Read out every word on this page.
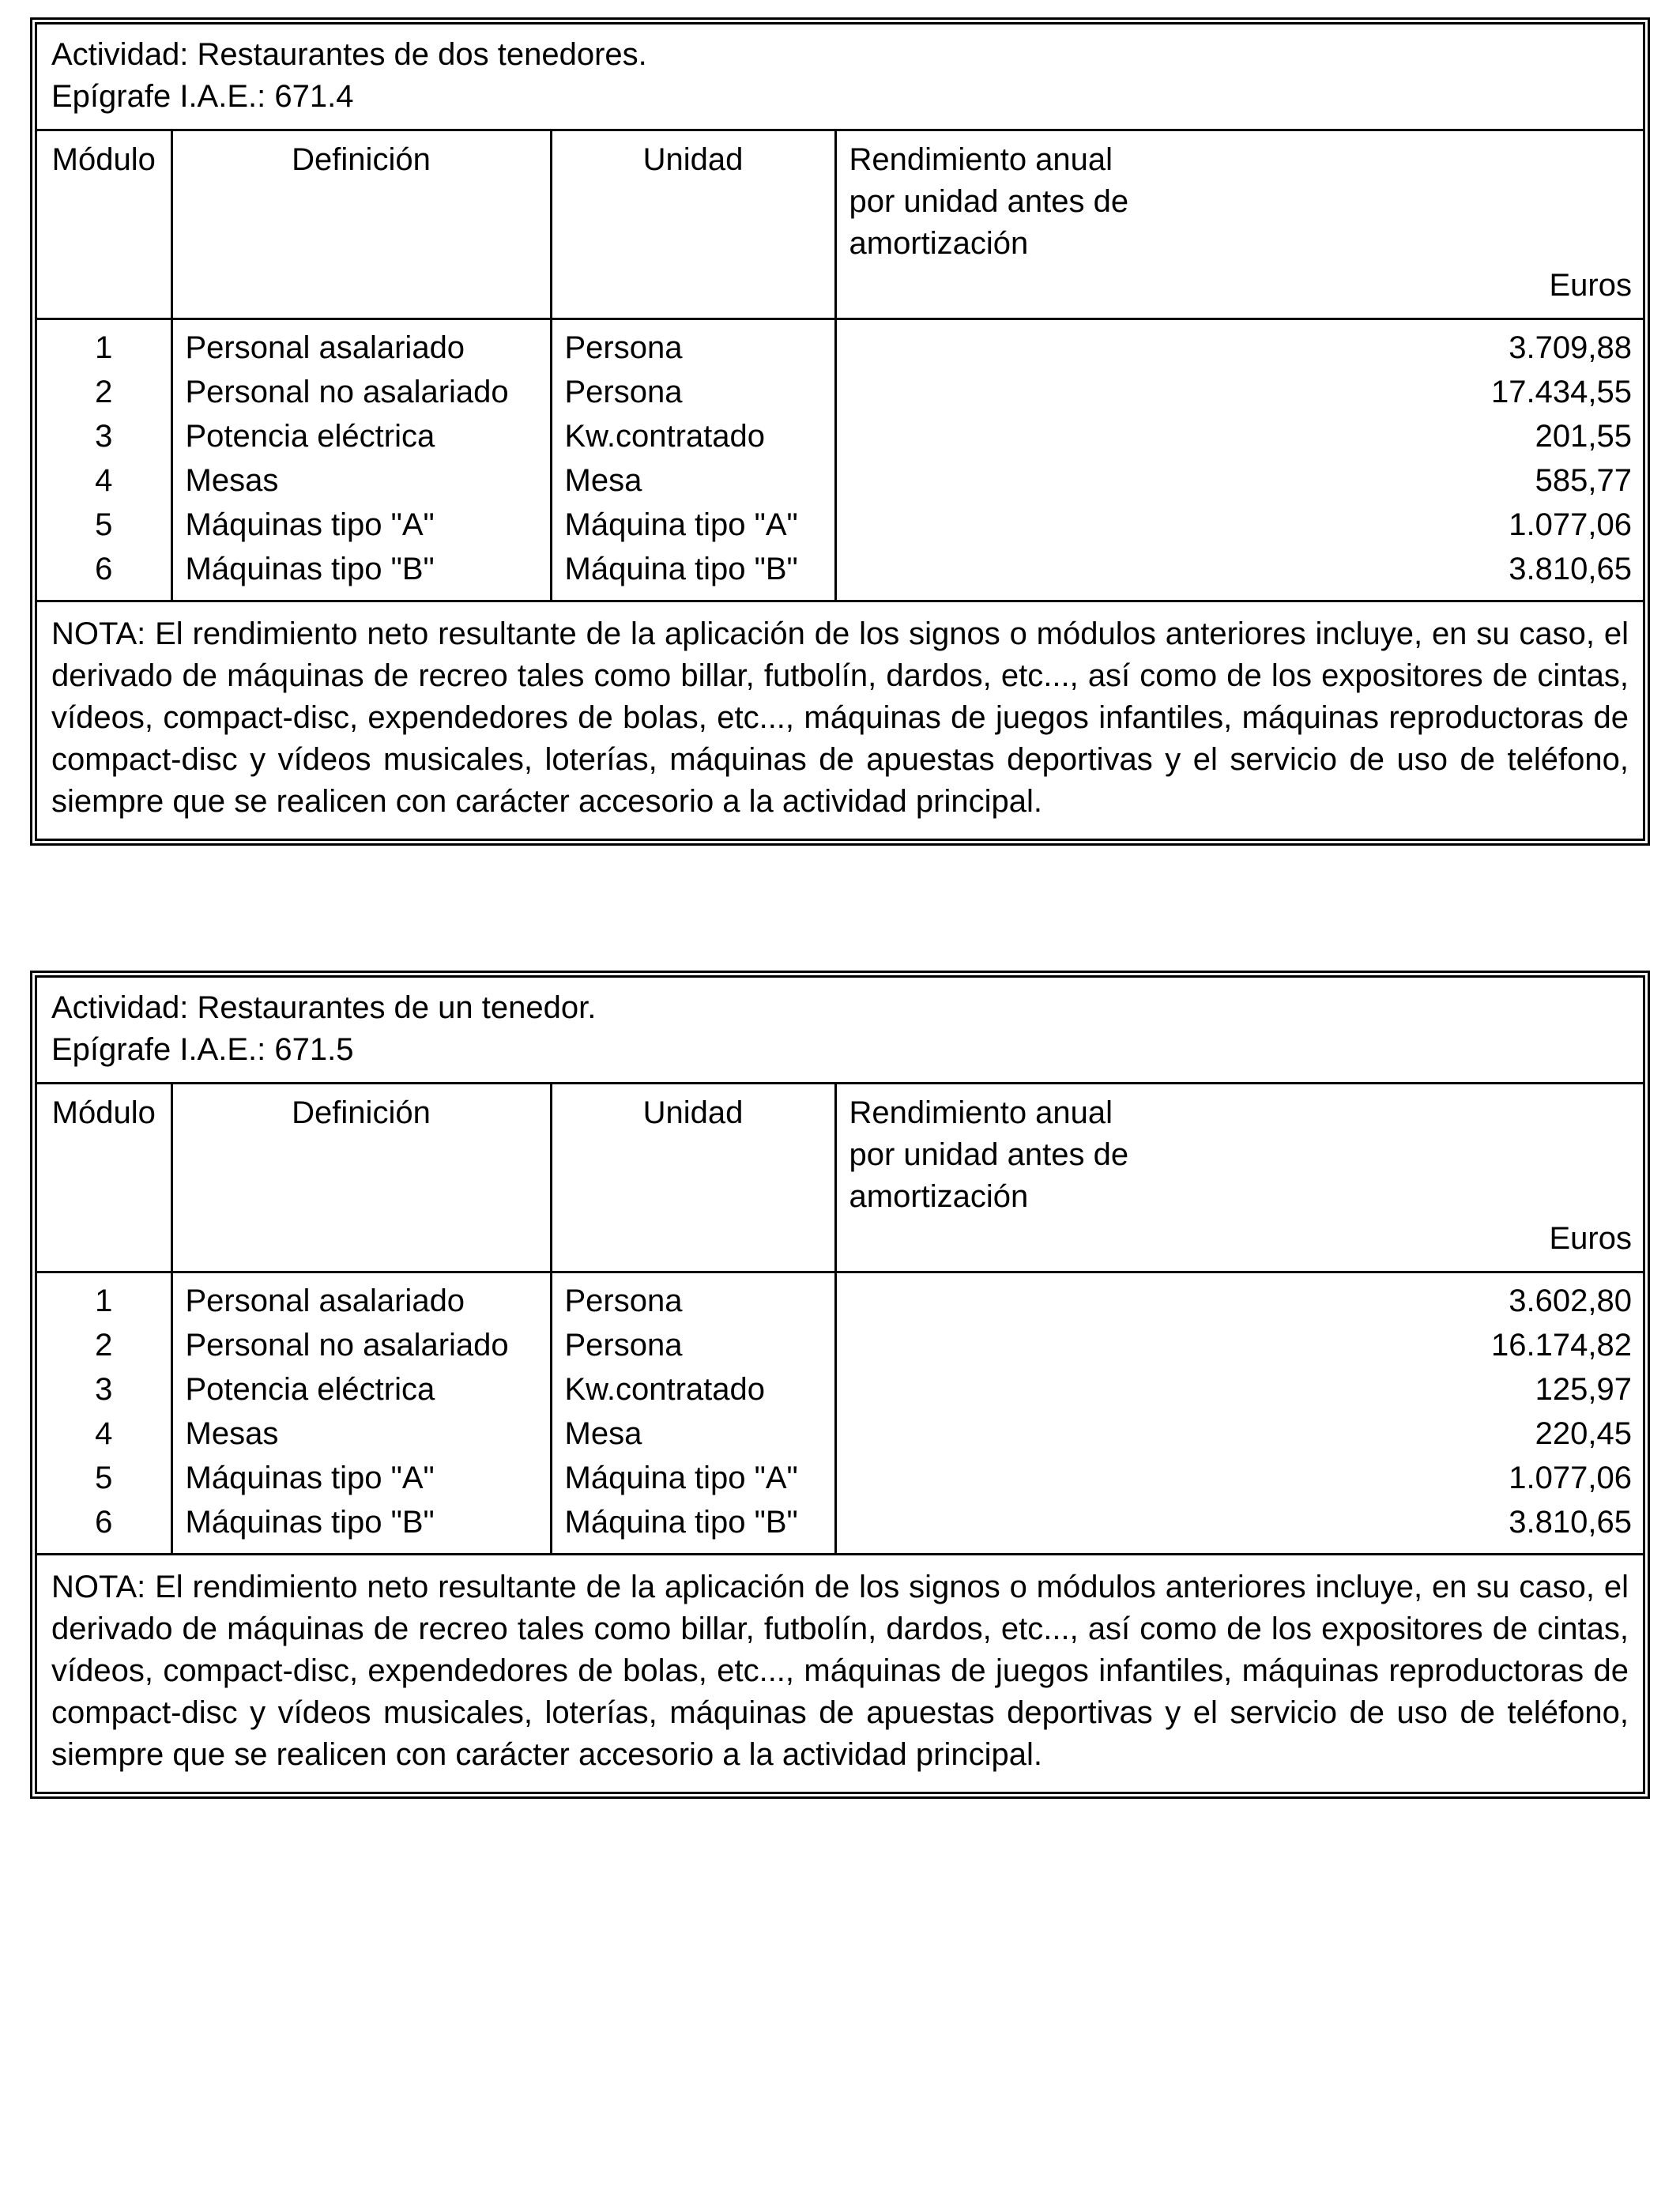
Actividad: Restaurantes de dos tenedores.
Epígrafe I.A.E.: 671.4
Módulo	Definición	Unidad	Rendimiento anual
por unidad antes de
amortización
Euros

1	Personal asalariado	Persona	3.709,88
2	Personal no asalariado	Persona	17.434,55
3	Potencia eléctrica	Kw.contratado	201,55
4	Mesas	Mesa	585,77
5	Máquinas tipo "A"	Máquina tipo "A"	1.077,06
6	Máquinas tipo "B"	Máquina tipo "B"	3.810,65
NOTA: El rendimiento neto resultante de la aplicación de los signos o módulos anteriores incluye, en su caso, el derivado de máquinas de recreo tales como billar, futbolín, dardos, etc..., así como de los expositores de cintas, vídeos, compact-disc, expendedores de bolas, etc..., máquinas de juegos infantiles, máquinas reproductoras de compact-disc y vídeos musicales, loterías, máquinas de apuestas deportivas y el servicio de uso de teléfono, siempre que se realicen con carácter accesorio a la actividad principal.
Actividad: Restaurantes de un tenedor.
Epígrafe I.A.E.: 671.5
Módulo	Definición	Unidad	Rendimiento anual
por unidad antes de
amortización
Euros

1	Personal asalariado	Persona	3.602,80
2	Personal no asalariado	Persona	16.174,82
3	Potencia eléctrica	Kw.contratado	125,97
4	Mesas	Mesa	220,45
5	Máquinas tipo "A"	Máquina tipo "A"	1.077,06
6	Máquinas tipo "B"	Máquina tipo "B"	3.810,65
NOTA: El rendimiento neto resultante de la aplicación de los signos o módulos anteriores incluye, en su caso, el derivado de máquinas de recreo tales como billar, futbolín, dardos, etc..., así como de los expositores de cintas, vídeos, compact-disc, expendedores de bolas, etc..., máquinas de juegos infantiles, máquinas reproductoras de compact-disc y vídeos musicales, loterías, máquinas de apuestas deportivas y el servicio de uso de teléfono, siempre que se realicen con carácter accesorio a la actividad principal.
